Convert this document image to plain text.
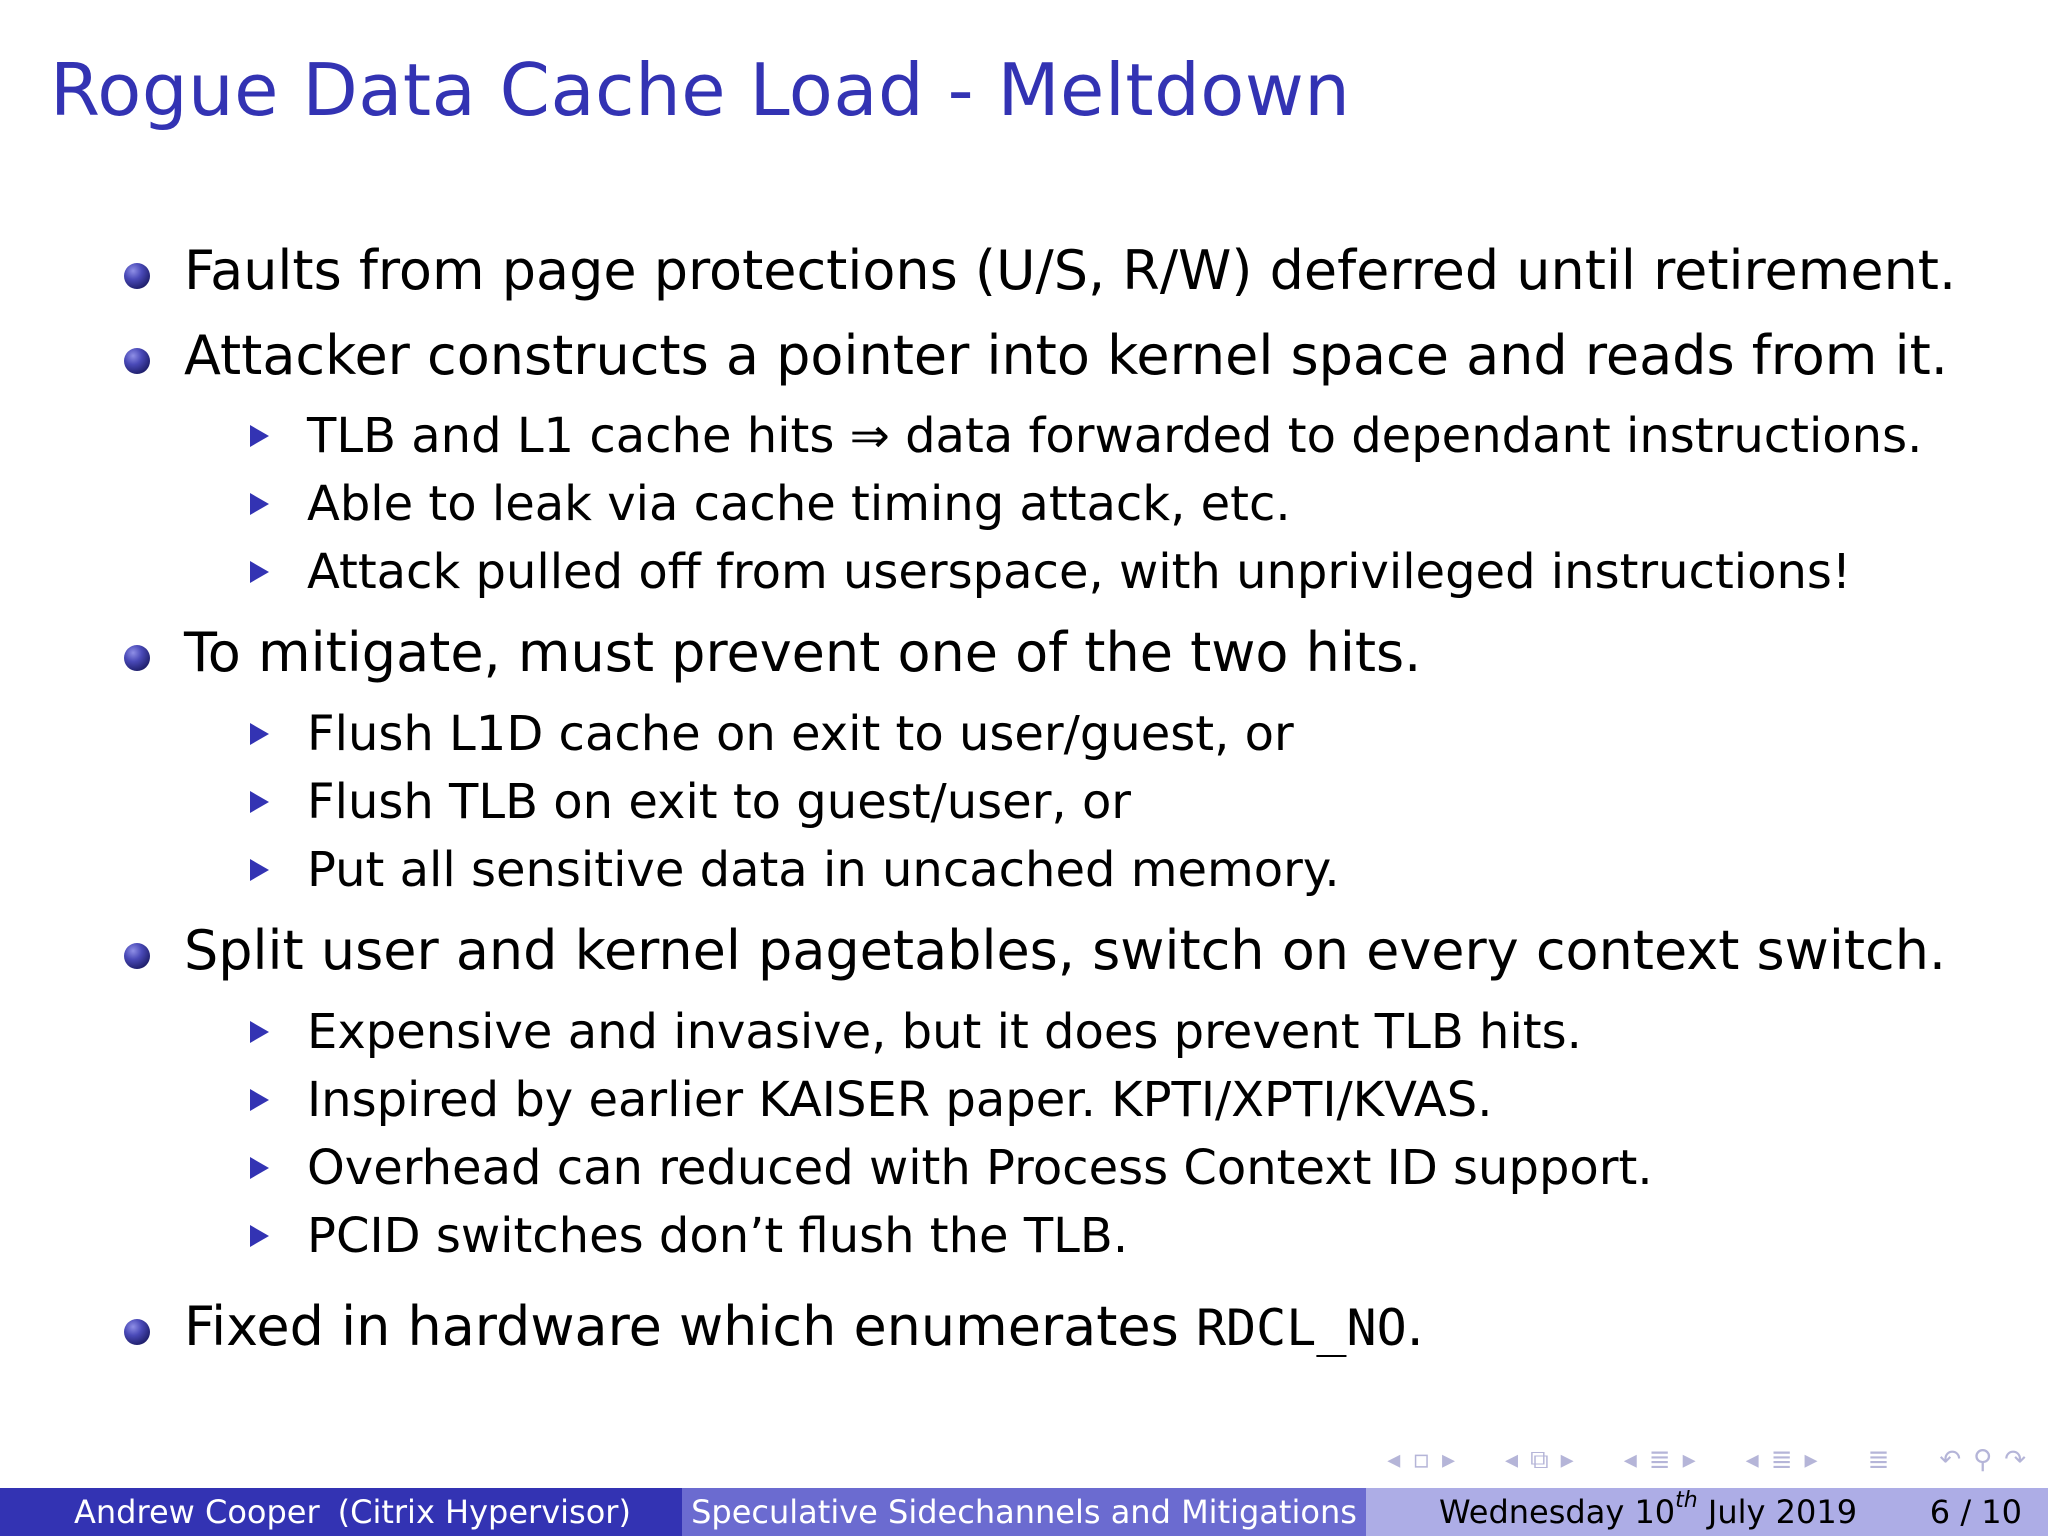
Rogue Data Cache Load - Meltdown
Faults from page protections (U/S, R/W) deferred until retirement.
Attacker constructs a pointer into kernel space and reads from it.
TLB and L1 cache hits ⇒ data forwarded to dependant instructions.
Able to leak via cache timing attack, etc.
Attack pulled off from userspace, with unprivileged instructions!
To mitigate, must prevent one of the two hits.
Flush L1D cache on exit to user/guest, or
Flush TLB on exit to guest/user, or
Put all sensitive data in uncached memory.
Split user and kernel pagetables, switch on every context switch.
Expensive and invasive, but it does prevent TLB hits.
Inspired by earlier KAISER paper. KPTI/XPTI/KVAS.
Overhead can reduced with Process Context ID support.
PCID switches don’t flush the TLB.
Fixed in hardware which enumerates RDCL_NO.
◂ ▫ ▸ ◂ ⧉ ▸ ◂ ≣ ▸ ◂ ≣ ▸ ≣ ↶ ⚲ ↷
Andrew Cooper (Citrix Hypervisor)	Speculative Sidechannels and Mitigations	Wednesday 10th July 2019 6 / 10
